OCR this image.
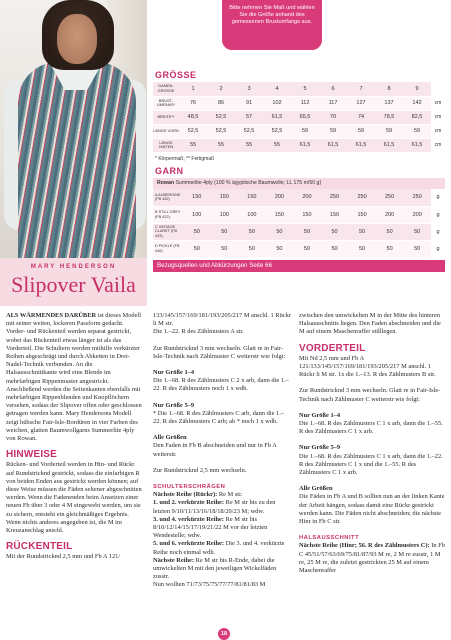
MARY HENDERSON
Slipover Vaila
Bitte nehmen Sie Maß und wählen Sie die Größe anhand des gemessenen Brustumfangs aus.
GRÖSSE
DAMEN-GRÖSSE	1	2	3	4	5	6	7	8	9	
BRUST-UMFANG*	76	86	91	102	112	117	127	137	142	cm
BREITE**	48,5	52,5	57	61,5	65,5	70	74	78,5	82,5	cm
LÄNGE VORN	52,5	52,5	52,5	52,5	59	59	59	59	59	cm
LÄNGE HINTEN	55	55	55	55	61,5	61,5	61,5	61,5	61,5	cm
* Körpermaß; ** Fertigmaß
GARN
Rowan Summerlite 4ply (100 % ägyptische Baumwolle; LL 175 m/50 g)
A AUBERGINE (FB 432)	150	150	150	200	200	250	250	250	250	g
B STILL GREY (FB 422)	100	100	100	150	150	150	150	200	200	g
C VINTAGE CLARET (FB 443)	50	50	50	50	50	50	50	50	50	g
D PICKLE (FB 446)	50	50	50	50	50	50	50	50	50	g
Bezugsquellen und Abkürzungen Seite 66

ALS WÄRMENDES DARÜBER ist dieses Modell mit seiner weiten, lockeren Passform gedacht. Vorder- und Rückenteil werden separat gestrickt, wobei das Rückenteil etwas länger ist als das Vorderteil. Die Schultern werden mithilfe verkürzter Reihen abgeschrägt und durch Abketten in Drei-Nadel-Technik verbunden. An die Halsausschnittkante wird eine Blende im mehrfarbigen Rippenmuster angestrickt. Anschließend werden die Seitenkanten ebenfalls mit mehrfarbigen Rippenblenden und Knopflöchern versehen, sodass der Slipover offen oder geschlossen getragen werden kann. Mary Hendersons Modell zeigt hübsche Fair-Isle-Bordüren in vier Farben des weichen, glatten Baumwollgarns Summerlite 4ply von Rowan.

HINWEISE

Rücken- und Vorderteil werden in Hin- und Rückr auf Rundstricknd gestrickt, sodass die einfarbigen R von beiden Enden aus gestrickt werden können; auf diese Weise müssen die Fäden seltener abgeschnitten werden. Wenn die Fadenenden beim Ansetzen einer neuen Fb über 3 oder 4 M eingewebt werden, um sie zu sichern, entsteht ein gleichmäßiges Ergebnis. Wenn nichts anderes angegeben ist, die M im Kreuzanschlag anschl.

RÜCKENTEIL

Mit der Rundstricknd 2,5 mm und Fb A 121/

133/145/157/169/181/193/205/217 M anschl. 1 Rückr li M str.
Die 1.–22. R des Zählmusters A str.

Zur Rundstricknd 3 mm wechseln. Glatt re in Fair-Isle-Technik nach Zählmuster C weiterstr wie folgt:

Nur Größe 1–4
Die 1.–68. R des Zählmusters C 2 x arb, dann die 1.–22. R des Zählmusters noch 1 x wdh.

Nur Größe 5–9
* Die 1.–68. R des Zählmusters C arb, dann die 1.–22. R des Zählmusters C arb; ab * noch 1 x wdh.

Alle Größen
Den Faden in Fb B abschneiden und nur in Fb A weiterstr.

Zur Rundstricknd 2,5 mm wechseln.

SCHULTERSCHRÄGEN
Nächste Reihe (Rückr): Re M str.
1. und 2. verkürzte Reihe: Re M str bis zu den letzten 9/10/11/13/16/18/18/20/23 M; wdw.
3. und 4. verkürzte Reihe: Re M str bis 8/10/12/14/15/17/19/21/22 M vor der letzten Wendestelle; wdw.
5. und 6. verkürzte Reihe: Die 3. und 4. verkürzte Reihe noch einmal wdh.
Nächste Reihe: Re M str bis R-Ende, dabei die umwickelten M mit den jeweiligen Wickelfäden zusstr.
Nun wollten 71/73/75/75/77/77/81/81/83 M

zwischen den umwickelten M in der Mitte des hinteren Halsausschnitts liegen. Den Faden abschneiden und die M auf einem Maschenraffer stilllegen.

VORDERTEIL

Mit Nd 2,5 mm und Fb A 121/133/145/157/169/181/193/205/217 M anschl. 1 Rückr li M str. 1x die 1.–13. R des Zählmusters B str.

Zur Rundstricknd 3 mm wechseln. Glatt re in Fair-Isle-Technik nach Zählmuster C weiterstr wie folgt:

Nur Größe 1–4
Die 1.–68. R des Zählmusters C 1 x arb, dann die 1.–55. R des Zählmusters C 1 x arb.

Nur Größe 5–9
Die 1.–68. R des Zählmusters C 1 x arb, dann die 1.–22. R des Zählmusters C 1 x und die 1.–55. R des Zählmusters C 1 x arb.

Alle Größen
Die Fäden in Fb A und B sollten nun an der linken Kante der Arbeit hängen, sodass damit eine Rückr gestrickt werden kann. Die Fäden nicht abschneiden; die nächste Hinr in Fb C str.

HALSAUSSCHNITT
Nächste Reihe (Hinr; 56. R des Zählmusters C): In Fb C 45/51/57/63/69/75/81/87/93 M re, 2 M re zusstr, 1 M re, 25 M re, die zuletzt gestrickten 25 M auf einem Maschenraffer
18
